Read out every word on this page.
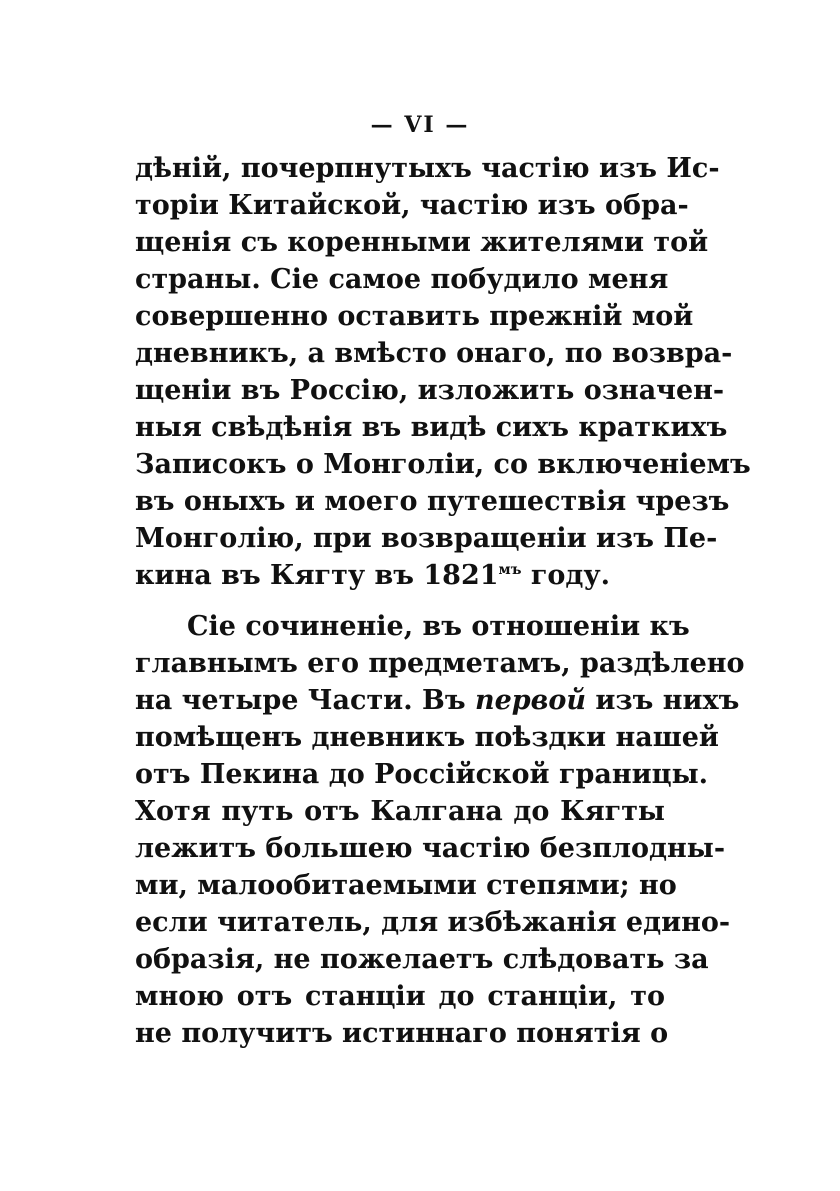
— VI —
дѣній, почерпнутыхъ частію изъ Ис-
торіи Китайской, частію изъ обра-
щенія съ коренными жителями той
страны. Сіе самое побудило меня
совершенно оставить прежній мой
дневникъ, а вмѣсто онаго, по возвра-
щеніи въ Россію, изложить означен-
ныя свѣдѣнія въ видѣ сихъ краткихъ
Записокъ о Монголіи, со включеніемъ
въ оныхъ и моего путешествія чрезъ
Монголію, при возвращеніи изъ Пе-
кина въ Кягту въ $1821^{мъ}$ году.
Сіе сочиненіе, въ отношеніи къ
главнымъ его предметамъ, раздѣлено
на четыре Части. Въ первой изъ нихъ
помѣщенъ дневникъ поѣздки нашей
отъ Пекина до Россійской границы.
Хотя путь отъ Калгана до Кягты
лежитъ большею частію безплодны-
ми, малообитаемыми степями; но
если читатель, для избѣжанія едино-
образія, не пожелаетъ слѣдовать за
мною отъ станціи до станціи, то
не получитъ истиннаго понятія о
